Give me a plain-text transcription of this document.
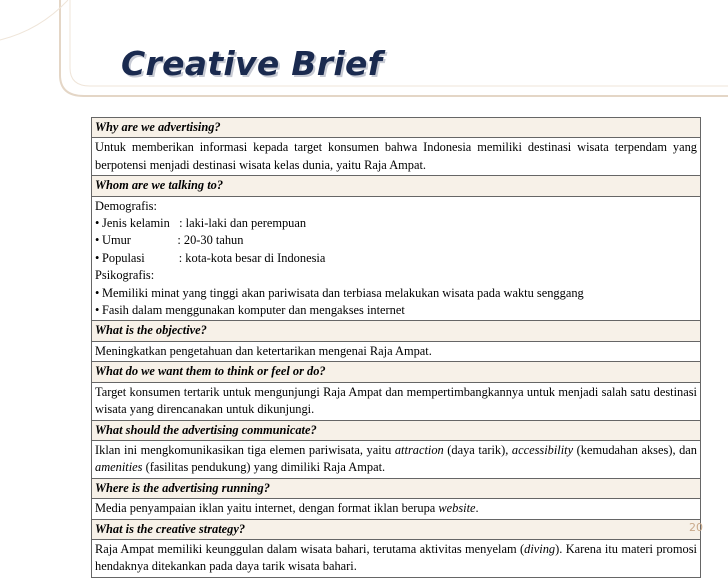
Creative Brief
Why are we advertising?
Untuk memberikan informasi kepada target konsumen bahwa Indonesia memiliki destinasi wisata terpendam yang berpotensi menjadi destinasi wisata kelas dunia, yaitu Raja Ampat.
Whom are we talking to?

Demografis:
• Jenis kelamin   : laki-laki dan perempuan
• Umur               : 20-30 tahun
• Populasi           : kota-kota besar di Indonesia
Psikografis:
• Memiliki minat yang tinggi akan pariwisata dan terbiasa melakukan wisata pada waktu senggang
• Fasih dalam menggunakan komputer dan mengakses internet

What is the objective?
Meningkatkan pengetahuan dan ketertarikan mengenai Raja Ampat.
What do we want them to think or feel or do?
Target konsumen tertarik untuk mengunjungi Raja Ampat dan mempertimbangkannya untuk menjadi salah satu destinasi wisata yang direncanakan untuk dikunjungi.
What should the advertising communicate?
Iklan ini mengkomunikasikan tiga elemen pariwisata, yaitu attraction (daya tarik), accessibility (kemudahan akses), dan amenities (fasilitas pendukung) yang dimiliki Raja Ampat.
Where is the advertising running?
Media penyampaian iklan yaitu internet, dengan format iklan berupa website.
What is the creative strategy?
Raja Ampat memiliki keunggulan dalam wisata bahari, terutama aktivitas menyelam (diving). Karena itu materi promosi hendaknya ditekankan pada daya tarik wisata bahari.
20
